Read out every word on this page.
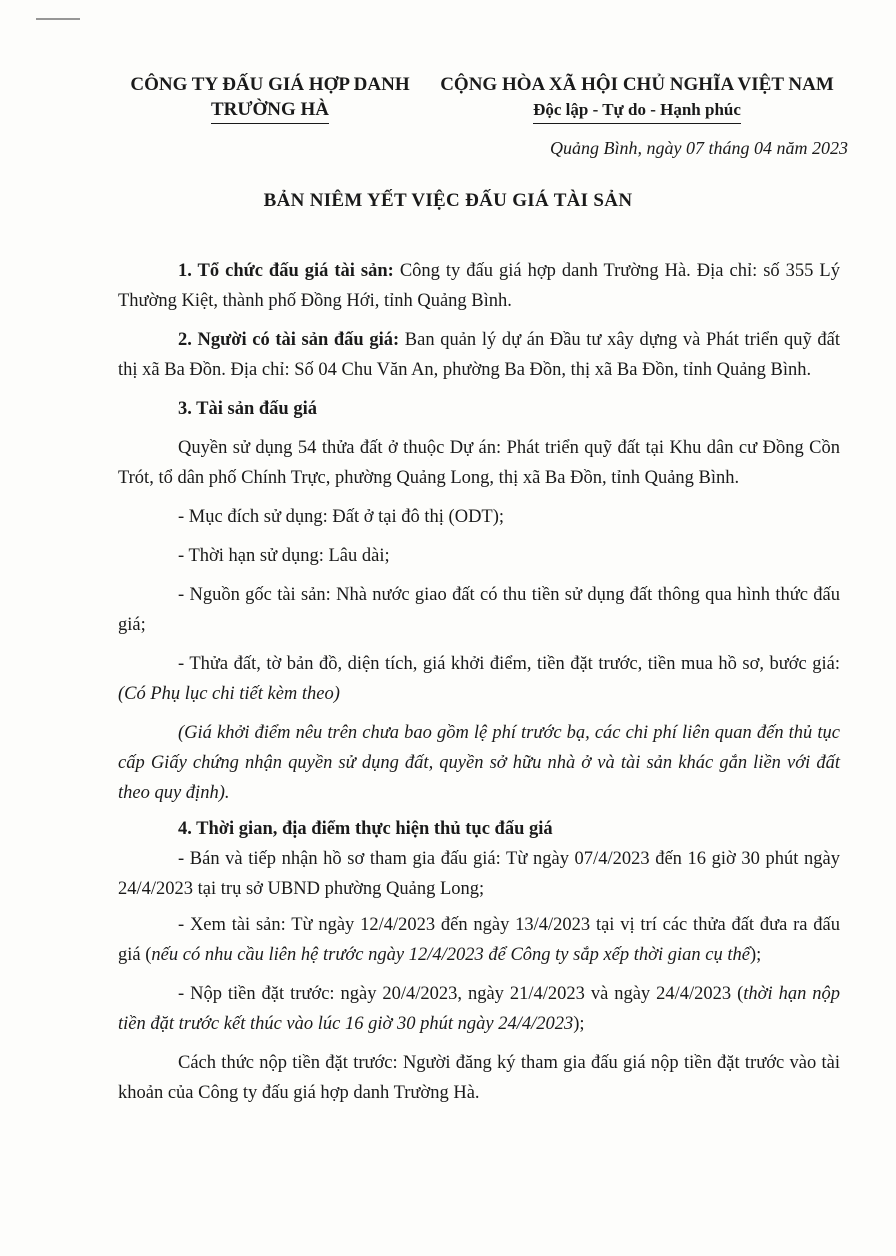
CÔNG TY ĐẤU GIÁ HỢP DANH
TRƯỜNG HÀ
CỘNG HÒA XÃ HỘI CHỦ NGHĨA VIỆT NAM
Độc lập - Tự do - Hạnh phúc
Quảng Bình, ngày 07 tháng 04 năm 2023
BẢN NIÊM YẾT VIỆC ĐẤU GIÁ TÀI SẢN

1. Tổ chức đấu giá tài sản: Công ty đấu giá hợp danh Trường Hà. Địa chỉ: số 355 Lý Thường Kiệt, thành phố Đồng Hới, tỉnh Quảng Bình.

2. Người có tài sản đấu giá: Ban quản lý dự án Đầu tư xây dựng và Phát triển quỹ đất thị xã Ba Đồn. Địa chỉ: Số 04 Chu Văn An, phường Ba Đồn, thị xã Ba Đồn, tỉnh Quảng Bình.

3. Tài sản đấu giá

Quyền sử dụng 54 thửa đất ở thuộc Dự án: Phát triển quỹ đất tại Khu dân cư Đồng Cồn Trót, tổ dân phố Chính Trực, phường Quảng Long, thị xã Ba Đồn, tỉnh Quảng Bình.

- Mục đích sử dụng: Đất ở tại đô thị (ODT);

- Thời hạn sử dụng: Lâu dài;

- Nguồn gốc tài sản: Nhà nước giao đất có thu tiền sử dụng đất thông qua hình thức đấu giá;

- Thửa đất, tờ bản đồ, diện tích, giá khởi điểm, tiền đặt trước, tiền mua hồ sơ, bước giá: (Có Phụ lục chi tiết kèm theo)

(Giá khởi điểm nêu trên chưa bao gồm lệ phí trước bạ, các chi phí liên quan đến thủ tục cấp Giấy chứng nhận quyền sử dụng đất, quyền sở hữu nhà ở và tài sản khác gắn liền với đất theo quy định).

4. Thời gian, địa điểm thực hiện thủ tục đấu giá

- Bán và tiếp nhận hồ sơ tham gia đấu giá: Từ ngày 07/4/2023 đến 16 giờ 30 phút ngày 24/4/2023 tại trụ sở UBND phường Quảng Long;

- Xem tài sản: Từ ngày 12/4/2023 đến ngày 13/4/2023 tại vị trí các thửa đất đưa ra đấu giá (nếu có nhu cầu liên hệ trước ngày 12/4/2023 để Công ty sắp xếp thời gian cụ thể);

- Nộp tiền đặt trước: ngày 20/4/2023, ngày 21/4/2023 và ngày 24/4/2023 (thời hạn nộp tiền đặt trước kết thúc vào lúc 16 giờ 30 phút ngày 24/4/2023);

Cách thức nộp tiền đặt trước: Người đăng ký tham gia đấu giá nộp tiền đặt trước vào tài khoản của Công ty đấu giá hợp danh Trường Hà.
